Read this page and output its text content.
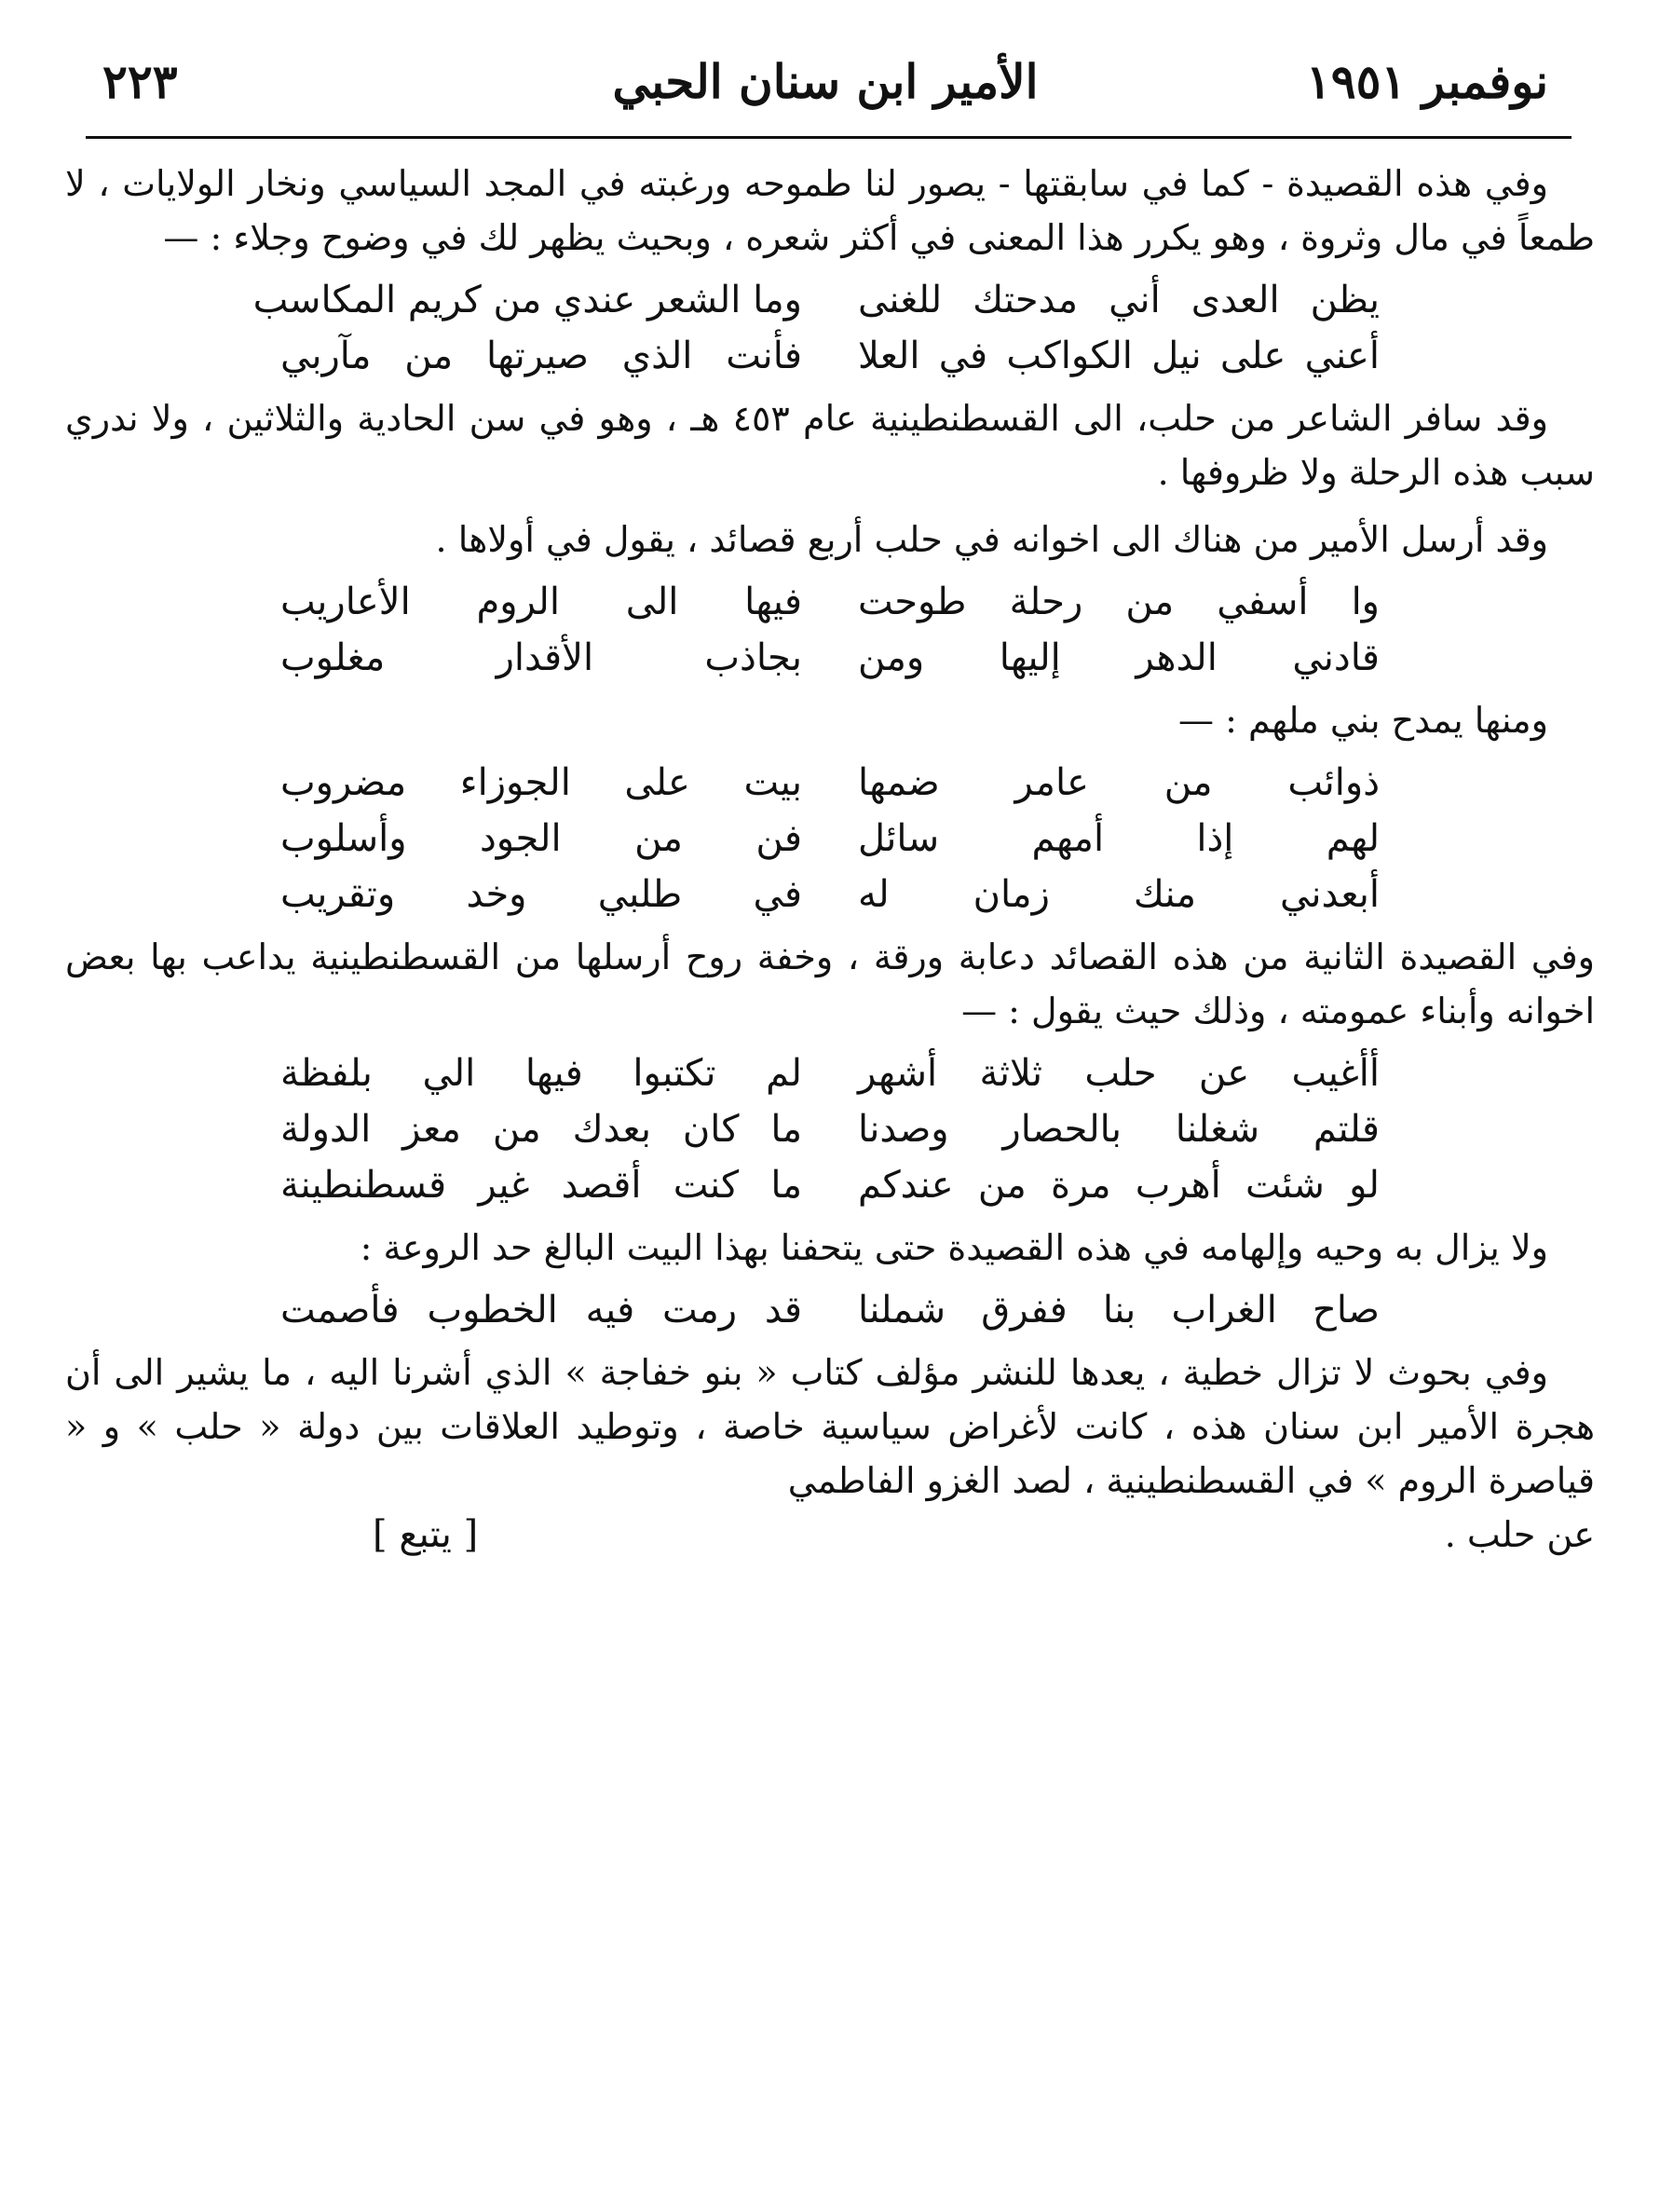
نوفمبر ١٩٥١
الأمير ابن سنان الحبي
٢٢٣

وفي هذه القصيدة - كما في سابقتها - يصور لنا طموحه ورغبته في المجد السياسي ونخار الولايات ، لا طمعاً في مال وثروة ، وهو يكرر هذا المعنى في أكثر شعره ، وبحيث يظهر لك في وضوح وجلاء : —

يظن العدى أني مدحتك للغنى
وما الشعر عندي من كريم المكاسب
أعني على نيل الكواكب في العلا
فأنت الذي صيرتها من مآربي

وقد سافر الشاعر من حلب، الى القسطنطينية عام ٤٥٣ هـ ، وهو في سن الحادية والثلاثين ، ولا ندري سبب هذه الرحلة ولا ظروفها .

وقد أرسل الأمير من هناك الى اخوانه في حلب أربع قصائد ، يقول في أولاها .

وا أسفي من رحلة طوحت
فيها الى الروم الأعاريب
قادني الدهر إليها ومن
بجاذب الأقدار مغلوب

ومنها يمدح بني ملهم : —

ذوائب من عامر ضمها
بيت على الجوزاء مضروب
لهم إذا أمهم سائل
فن من الجود وأسلوب
أبعدني منك زمان له
في طلبي وخد وتقريب

وفي القصيدة الثانية من هذه القصائد دعابة ورقة ، وخفة روح أرسلها من القسطنطينية يداعب بها بعض اخوانه وأبناء عمومته ، وذلك حيث يقول : —

أأغيب عن حلب ثلاثة أشهر
لم تكتبوا فيها الي بلفظة
قلتم شغلنا بالحصار وصدنا
ما كان بعدك من معز الدولة
لو شئت أهرب مرة من عندكم
ما كنت أقصد غير قسطنطينة

ولا يزال به وحيه وإلهامه في هذه القصيدة حتى يتحفنا بهذا البيت البالغ حد الروعة :

صاح الغراب بنا ففرق شملنا
قد رمت فيه الخطوب فأصمت

وفي بحوث لا تزال خطية ، يعدها للنشر مؤلف كتاب « بنو خفاجة » الذي أشرنا اليه ، ما يشير الى أن هجرة الأمير ابن سنان هذه ، كانت لأغراض سياسية خاصة ، وتوطيد العلاقات بين دولة « حلب » و « قياصرة الروم » في القسطنطينية ، لصد الغزو الفاطمي

عن حلب .
[ يتبع ]
